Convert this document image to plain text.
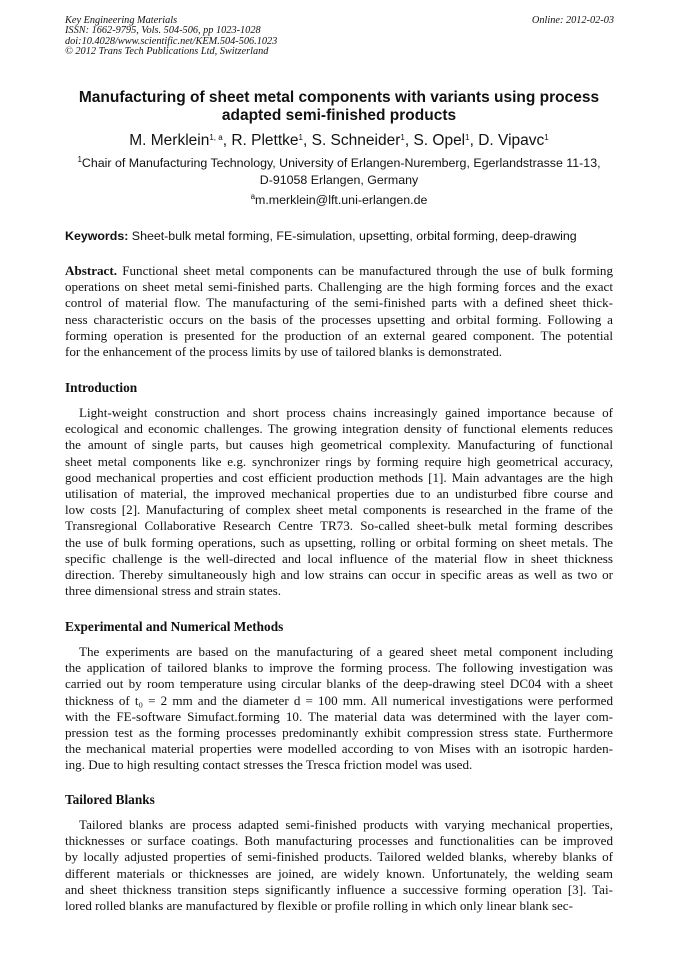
Key Engineering Materials
ISSN: 1662-9795, Vols. 504-506, pp 1023-1028
doi:10.4028/www.scientific.net/KEM.504-506.1023
© 2012 Trans Tech Publications Ltd, Switzerland
Online: 2012-02-03
Manufacturing of sheet metal components with variants using process
adapted semi-finished products
M. Merklein$^{1, a}$, R. Plettke$^1$, S. Schneider$^1$, S. Opel$^1$, D. Vipavc$^1$
$^1$Chair of Manufacturing Technology, University of Erlangen-Nuremberg, Egerlandstrasse 11-13,
D-91058 Erlangen, Germany
$^a$m.merklein@lft.uni-erlangen.de
Keywords: Sheet-bulk metal forming, FE-simulation, upsetting, orbital forming, deep-drawing
Abstract. Functional sheet metal components can be manufactured through the use of bulk forming
operations on sheet metal semi-finished parts. Challenging are the high forming forces and the exact
control of material flow. The manufacturing of the semi-finished parts with a defined sheet thick-
ness characteristic occurs on the basis of the processes upsetting and orbital forming. Following a
forming operation is presented for the production of an external geared component. The potential
for the enhancement of the process limits by use of tailored blanks is demonstrated.
Introduction
Light-weight construction and short process chains increasingly gained importance because of
ecological and economic challenges. The growing integration density of functional elements reduces
the amount of single parts, but causes high geometrical complexity. Manufacturing of functional
sheet metal components like e.g. synchronizer rings by forming require high geometrical accuracy,
good mechanical properties and cost efficient production methods [1]. Main advantages are the high
utilisation of material, the improved mechanical properties due to an undisturbed fibre course and
low costs [2]. Manufacturing of complex sheet metal components is researched in the frame of the
Transregional Collaborative Research Centre TR73. So-called sheet-bulk metal forming describes
the use of bulk forming operations, such as upsetting, rolling or orbital forming on sheet metals. The
specific challenge is the well-directed and local influence of the material flow in sheet thickness
direction. Thereby simultaneously high and low strains can occur in specific areas as well as two or
three dimensional stress and strain states.
Experimental and Numerical Methods
The experiments are based on the manufacturing of a geared sheet metal component including
the application of tailored blanks to improve the forming process. The following investigation was
carried out by room temperature using circular blanks of the deep-drawing steel DC04 with a sheet
thickness of t₀ = 2 mm and the diameter d = 100 mm. All numerical investigations were performed
with the FE-software Simufact.forming 10. The material data was determined with the layer com-
pression test as the forming processes predominantly exhibit compression stress state. Furthermore
the mechanical material properties were modelled according to von Mises with an isotropic harden-
ing. Due to high resulting contact stresses the Tresca friction model was used.
Tailored Blanks
Tailored blanks are process adapted semi-finished products with varying mechanical properties,
thicknesses or surface coatings. Both manufacturing processes and functionalities can be improved
by locally adjusted properties of semi-finished products. Tailored welded blanks, whereby blanks of
different materials or thicknesses are joined, are widely known. Unfortunately, the welding seam
and sheet thickness transition steps significantly influence a successive forming operation [3]. Tai-
lored rolled blanks are manufactured by flexible or profile rolling in which only linear blank sec-
